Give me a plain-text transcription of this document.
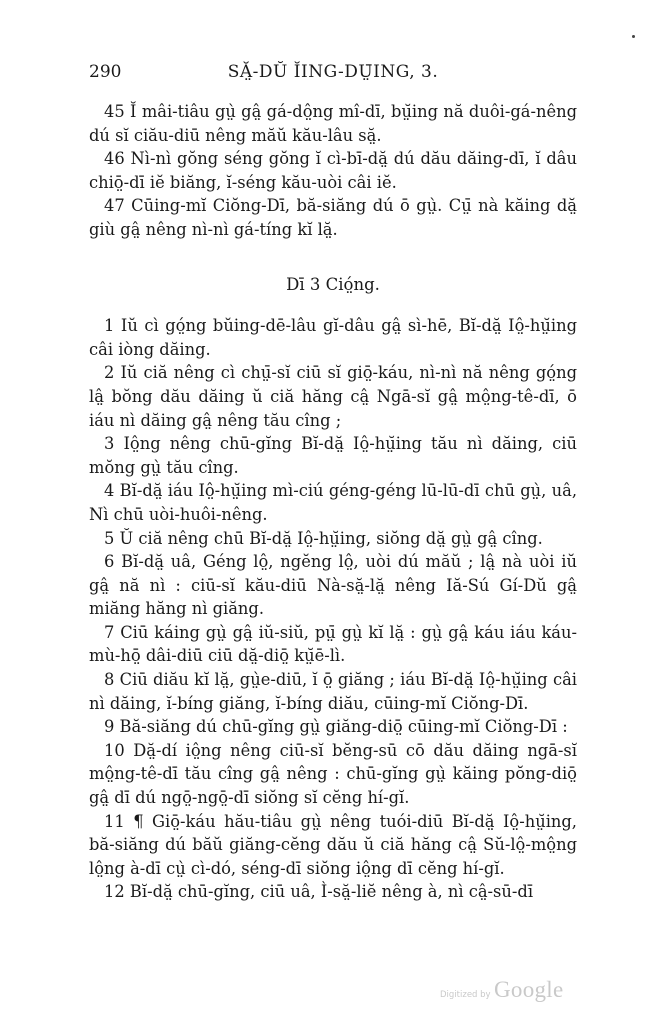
290	SĂ̤-DŬ ĬING-DṲ̄ING, 3.

45 Ĭ mâi-tiâu gṳ̀ gâ̤ gá-dô̤ng mî-dī, bṳ̆ing nă duôi-gá-nêng dú sĭ ciău-diū nêng măŭ kău-lâu să̤.

46 Nì-nì gŏng séng gŏng ĭ cì-bī-dă̤ dú dău dăing-dī, ĭ dâu chiō̤-dī iĕ biăng, ĭ-séng kău-uòi câi iĕ.

47 Cūing-mĭ Ciŏng-Dī, bă-siăng dú ō gṳ̀. Cṳ̄ nà kăing dă̤ giù gâ̤ nêng nì-nì gá-tíng kĭ lă̤.

Dī 3 Ció̤ng.

1 Iŭ cì gó̤ng bŭing-dē-lâu gĭ-dâu gâ̤ sì-hē, Bĭ-dă̤ Iô̤-hṳ̆ing câi iòng dăing.

2 Iŭ ciă nêng cì chṳ̄-sĭ ciū sĭ giō̤-káu, nì-nì nă nêng gó̤ng lâ̤ bŏng dău dăing ŭ ciă hăng câ̤ Ngā-sĭ gâ̤ mô̤ng-tê-dī, ō iáu nì dăing gâ̤ nêng tău cîng ;

3 Iô̤ng nêng chū-gĭng Bĭ-dă̤ Iô̤-hṳ̆ing tău nì dăing, ciū mŏng gṳ̀ tău cîng.

4 Bĭ-dă̤ iáu Iô̤-hṳ̆ing mì-ciú géng-géng lū-lū-dī chū gṳ̀, uâ, Nì chū uòi-huôi-nêng.

5 Ŭ ciă nêng chū Bĭ-dă̤ Iô̤-hṳ̆ing, siŏng dă̤ gṳ̀ gâ̤ cîng.

6 Bĭ-dă̤ uâ, Géng lô̤, ngĕng lô̤, uòi dú măŭ ; lâ̤ nà uòi iŭ gâ̤ nă nì : ciū-sĭ kău-diū Nà-să̤-lă̤ nêng Iă-Sú Gí-Dŭ gâ̤ miăng hăng nì giăng.

7 Ciū káing gṳ̀ gâ̤ iŭ-siŭ, pṳ̄ gṳ̀ kĭ lă̤ : gṳ̀ gâ̤ káu iáu káu-mù-hō̤ dâi-diū ciū dă̤-diō̤ kṳ̆ē-lì.

8 Ciū diău kĭ lă̤, gṳ̀e-diū, ĭ ō̤ giăng ; iáu Bĭ-dă̤ Iô̤-hṳ̆ing câi nì dăing, ĭ-bíng giăng, ĭ-bíng diău, cūing-mĭ Ciŏng-Dī.

9 Bă-siăng dú chū-gĭng gṳ̀ giăng-diō̤ cūing-mĭ Ciŏng-Dī :

10 Dă̤-dí iô̤ng nêng ciū-sĭ bĕng-sū cō dău dăing ngā-sĭ mô̤ng-tê-dī tău cîng gâ̤ nêng : chū-gĭng gṳ̀ kăing pŏng-diō̤ gâ̤ dī dú ngō̤-ngō̤-dī siŏng sĭ cĕng hí-gĭ.

11 ¶ Giō̤-káu hău-tiâu gṳ̀ nêng tuói-diū Bĭ-dă̤ Iô̤-hṳ̆ing, bă-siăng dú băŭ giăng-cĕng dău ŭ ciă hăng câ̤ Sŭ-lô̤-mô̤ng lô̤ng à-dī cṳ̀ cì-dó, séng-dī siŏng iô̤ng dī cĕng hí-gĭ.

12 Bĭ-dă̤ chū-gĭng, ciū uâ, Ì-să̤-liĕ nêng à, nì câ̤-sū-dī

Digitized by Google
